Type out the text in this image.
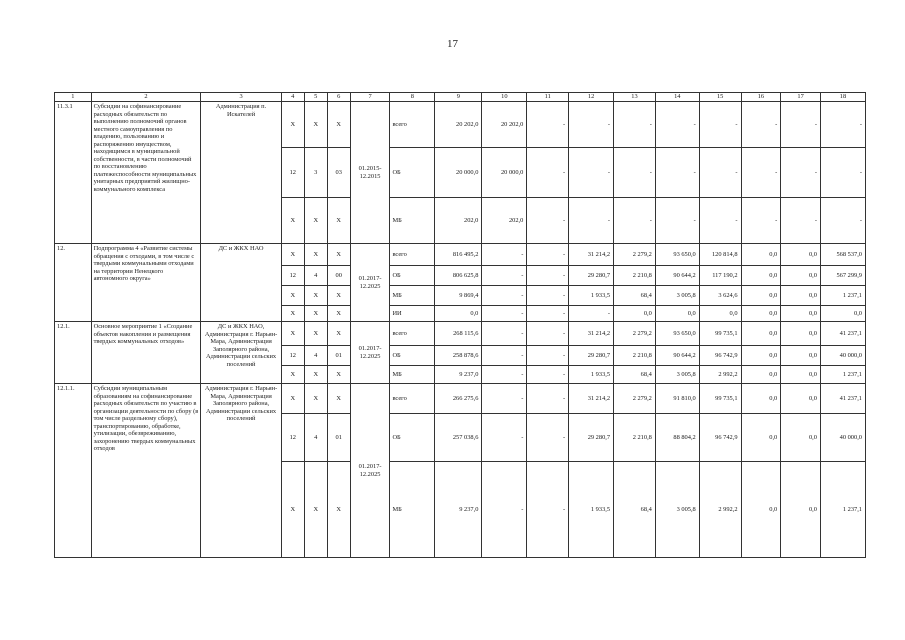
17
1	2	3	4	5	6	7	8	9	10	11	12	13	14	15	16	17	18
11.3.1	Субсидии на софинансирование расходных обязательств по выполнению полномочий органов местного самоуправления по владению, пользованию и распоряжению имуществом, находящимся в муниципальной собственности, в части полномочий по восстановлению платежеспособности муниципальных унитарных предприятий жилищно-коммунального комплекса	Администрация п. Искателей	Х	Х	Х	01.2015-12.2015	всего	20 202,0	20 202,0	-	-	-	-	-	-	-	-
			12	3	03		ОБ	20 000,0	20 000,0	-	-	-	-	-	-	-	-
			Х	Х	Х		МБ	202,0	202,0	-	-	-	-	-	-	-	-
12.	Подпрограмма 4 «Развитие системы обращения с отходами, в том числе с твердыми коммунальными отходами на территории Ненецкого автономного округа»	ДС и ЖКХ НАО	Х	Х	Х	01.2017-12.2025	всего	816 495,2	-	-	31 214,2	2 279,2	93 650,0	120 814,8	0,0	0,0	568 537,0
			12	4	00		ОБ	806 625,8	-	-	29 280,7	2 210,8	90 644,2	117 190,2	0,0	0,0	567 299,9
			Х	Х	Х		МБ	9 869,4	-	-	1 933,5	68,4	3 005,8	3 624,6	0,0	0,0	1 237,1
			Х	Х	Х		ИИ	0,0	-	-	-	0,0	0,0	0,0	0,0	0,0	0,0
12.1.	Основное мероприятие 1 «Создание объектов накопления и размещения твердых коммунальных отходов»	ДС и ЖКХ НАО, Администрация г. Нарьян-Мара, Администрация Заполярного района, Администрации сельских поселений	Х	Х	Х	01.2017-12.2025	всего	268 115,6	-	-	31 214,2	2 279,2	93 650,0	99 735,1	0,0	0,0	41 237,1
			12	4	01		ОБ	258 878,6	-	-	29 280,7	2 210,8	90 644,2	96 742,9	0,0	0,0	40 000,0
			Х	Х	Х		МБ	9 237,0	-	-	1 933,5	68,4	3 005,8	2 992,2	0,0	0,0	1 237,1
12.1.1.	Субсидии муниципальным образованиям на софинансирование расходных обязательств по участию в организации деятельности по сбору (в том числе раздельному сбору), транспортированию, обработке, утилизации, обезвреживанию, захоронению твердых коммунальных отходов	Администрация г. Нарьян-Мара, Администрация Заполярного района, Администрации сельских поселений	Х	Х	Х	01.2017-12.2025	всего	266 275,6	-	-	31 214,2	2 279,2	91 810,0	99 735,1	0,0	0,0	41 237,1
			12	4	01		ОБ	257 038,6	-	-	29 280,7	2 210,8	88 804,2	96 742,9	0,0	0,0	40 000,0
			Х	Х	Х		МБ	9 237,0	-	-	1 933,5	68,4	3 005,8	2 992,2	0,0	0,0	1 237,1
